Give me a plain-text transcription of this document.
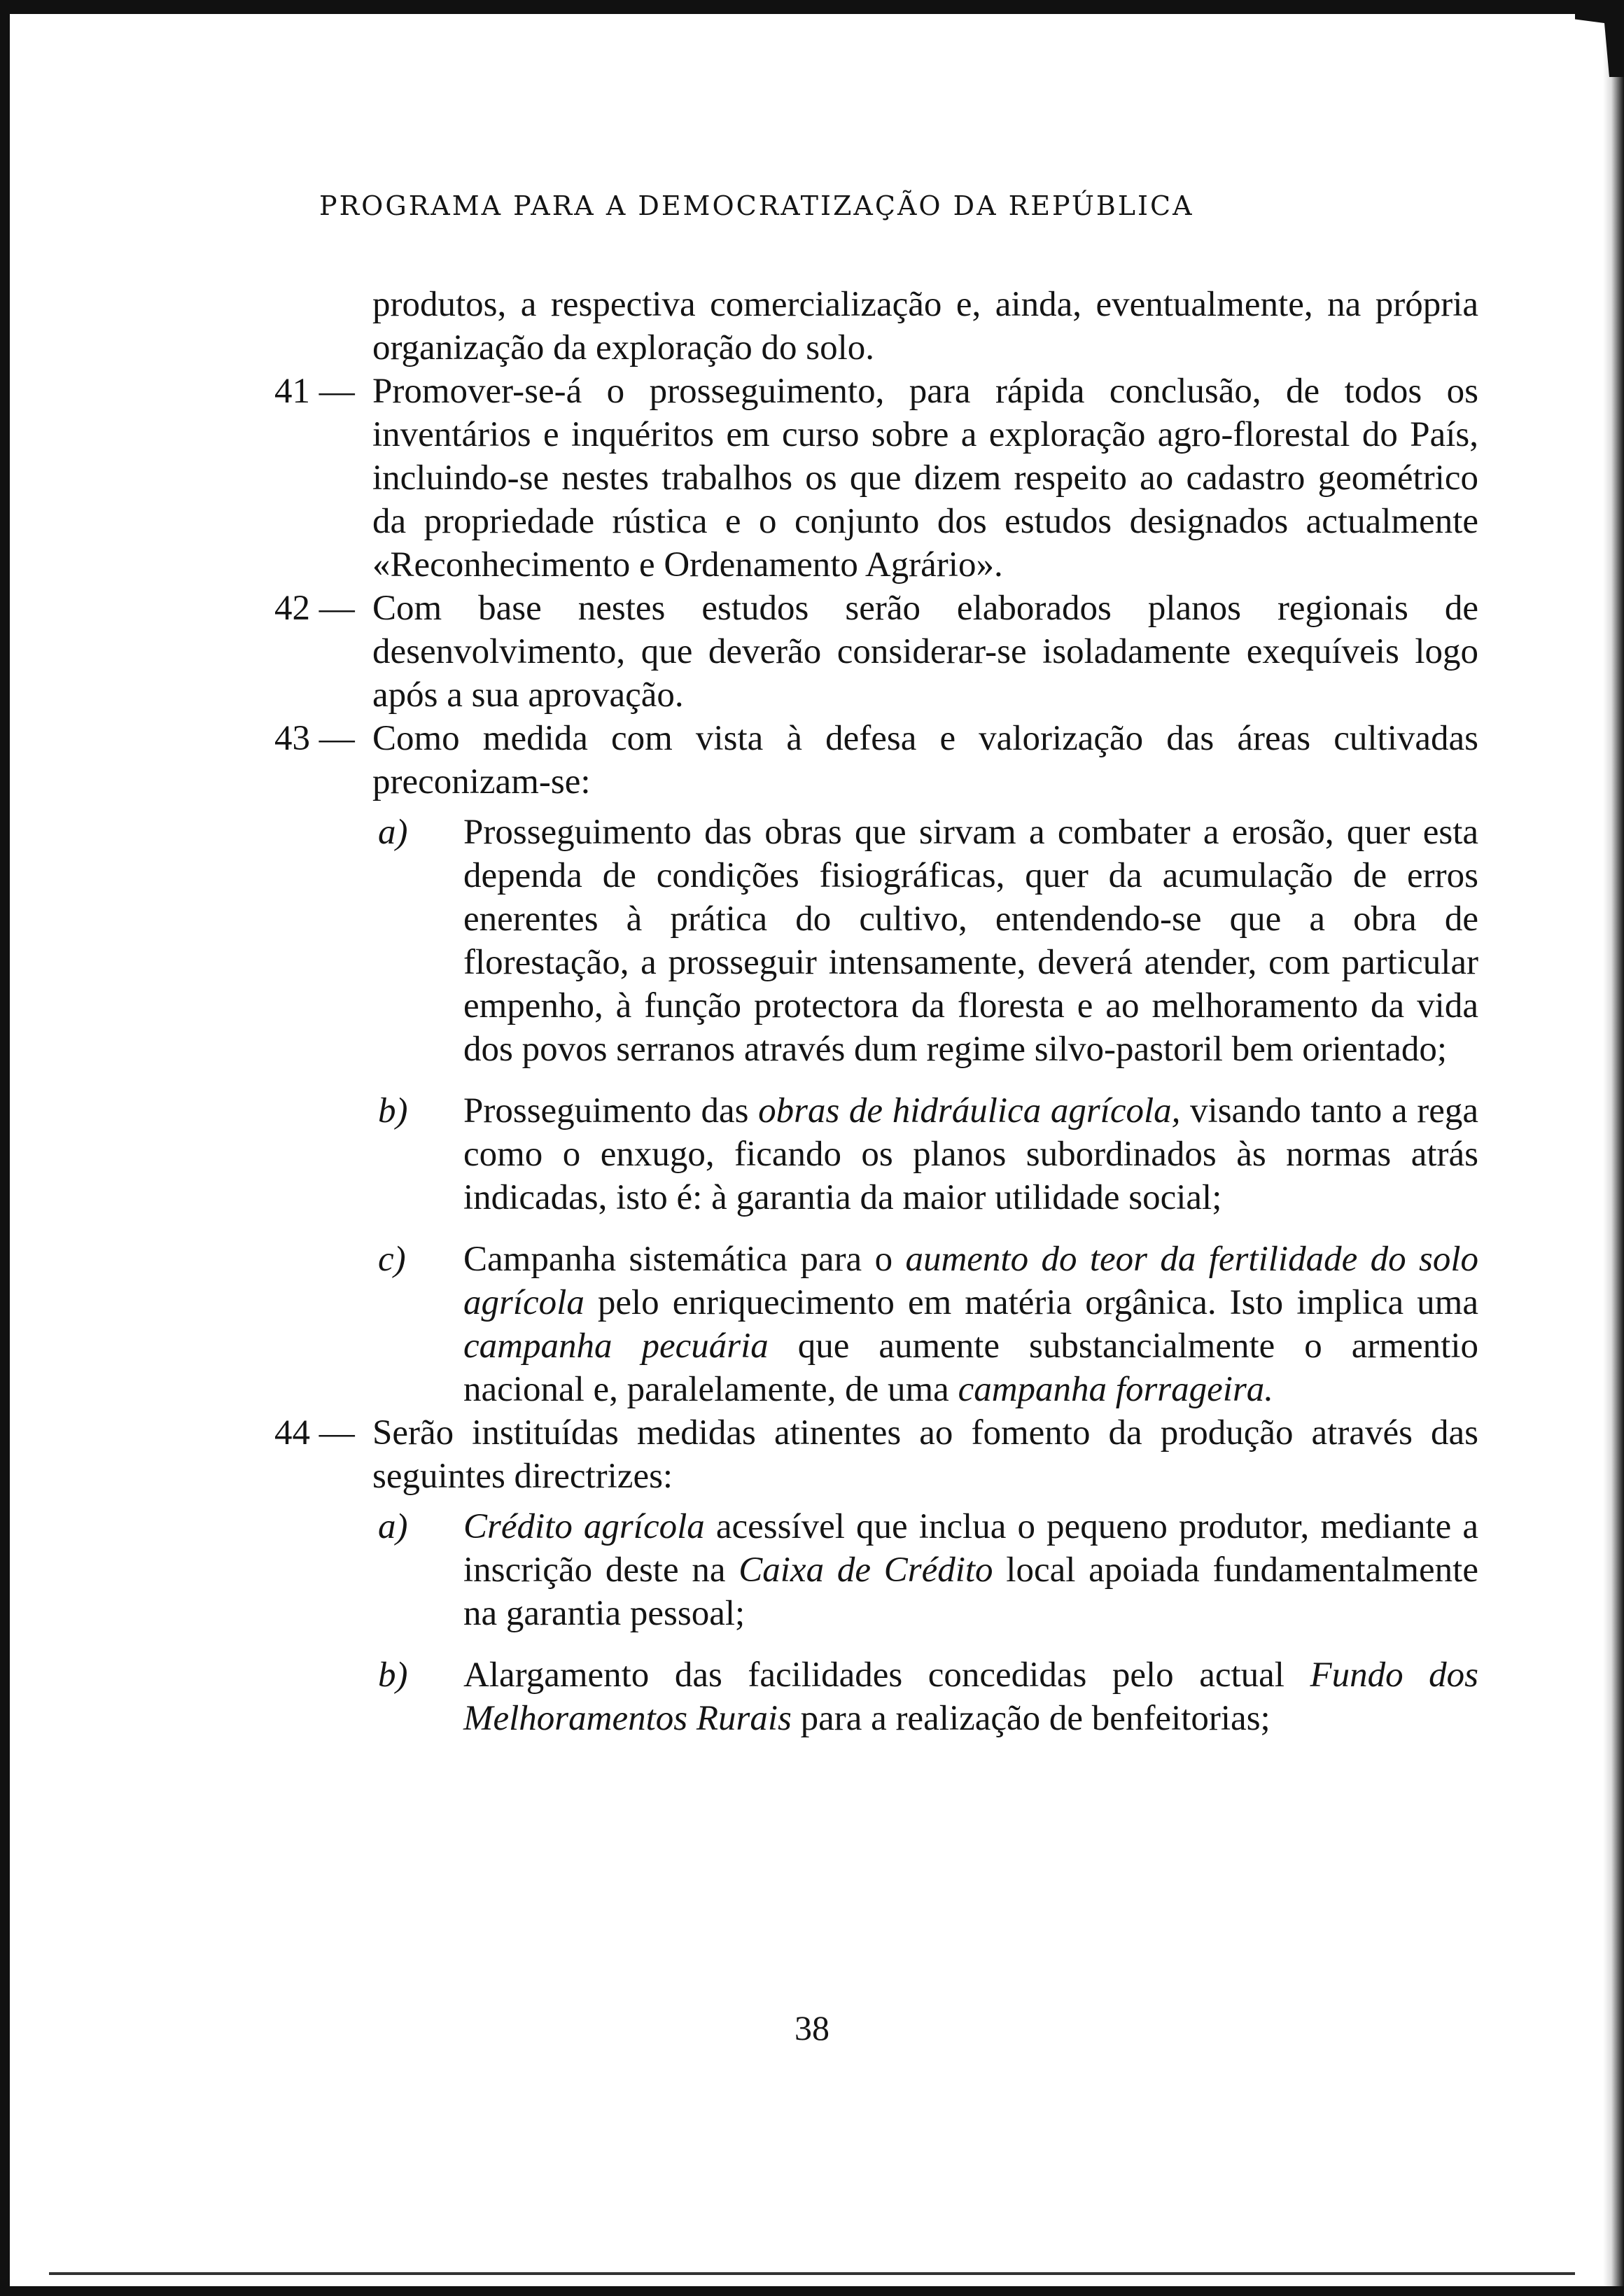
PROGRAMA PARA A DEMOCRATIZAÇÃO DA REPÚBLICA
produtos, a respectiva comercialização e, ainda, eventualmente, na própria organização da exploração do solo.
41 — Promover-se-á o prosseguimento, para rápida conclusão, de todos os inventários e inquéritos em curso sobre a exploração agro-florestal do País, incluindo-se nestes trabalhos os que dizem respeito ao cadastro geométrico da propriedade rústica e o conjunto dos estudos designados actualmente «Reconhecimento e Ordenamento Agrário».
42 — Com base nestes estudos serão elaborados planos regionais de desenvolvimento, que deverão considerar-se isoladamente exequíveis logo após a sua aprovação.
43 — Como medida com vista à defesa e valorização das áreas cultivadas preconizam-se:
a) Prosseguimento das obras que sirvam a combater a erosão, quer esta dependa de condições fisiográficas, quer da acumulação de erros enerentes à prática do cultivo, entendendo-se que a obra de florestação, a prosseguir intensamente, deverá atender, com particular empenho, à função protectora da floresta e ao melhoramento da vida dos povos serranos através dum regime silvo-pastoril bem orientado;
b) Prosseguimento das obras de hidráulica agrícola, visando tanto a rega como o enxugo, ficando os planos subordinados às normas atrás indicadas, isto é: à garantia da maior utilidade social;
c) Campanha sistemática para o aumento do teor da fertilidade do solo agrícola pelo enriquecimento em matéria orgânica. Isto implica uma campanha pecuária que aumente substancialmente o armentio nacional e, paralelamente, de uma campanha forrageira.
44 — Serão instituídas medidas atinentes ao fomento da produção através das seguintes directrizes:
a) Crédito agrícola acessível que inclua o pequeno produtor, mediante a inscrição deste na Caixa de Crédito local apoiada fundamentalmente na garantia pessoal;
b) Alargamento das facilidades concedidas pelo actual Fundo dos Melhoramentos Rurais para a realização de benfeitorias;
38
